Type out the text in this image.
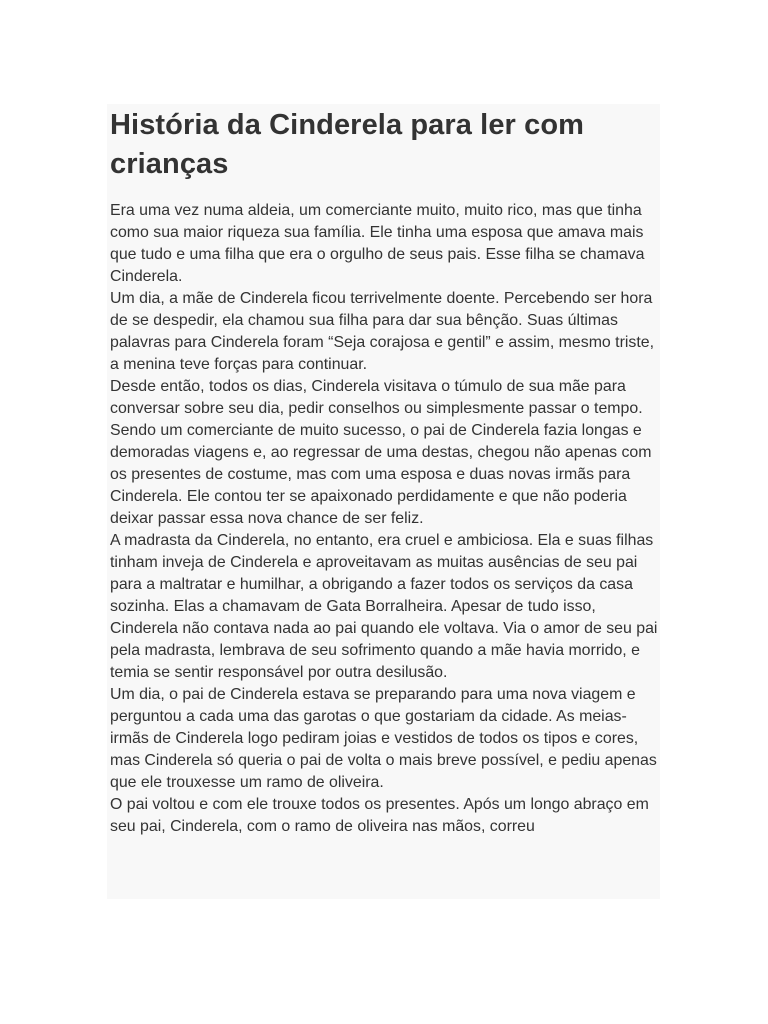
História da Cinderela para ler com crianças

Era uma vez numa aldeia, um comerciante muito, muito rico, mas que tinha como sua maior riqueza sua família. Ele tinha uma esposa que amava mais que tudo e uma filha que era o orgulho de seus pais. Esse filha se chamava Cinderela.

Um dia, a mãe de Cinderela ficou terrivelmente doente. Percebendo ser hora de se despedir, ela chamou sua filha para dar sua bênção. Suas últimas palavras para Cinderela foram “Seja corajosa e gentil” e assim, mesmo triste, a menina teve forças para continuar.

Desde então, todos os dias, Cinderela visitava o túmulo de sua mãe para conversar sobre seu dia, pedir conselhos ou simplesmente passar o tempo.

Sendo um comerciante de muito sucesso, o pai de Cinderela fazia longas e demoradas viagens e, ao regressar de uma destas, chegou não apenas com os presentes de costume, mas com uma esposa e duas novas irmãs para Cinderela. Ele contou ter se apaixonado perdidamente e que não poderia deixar passar essa nova chance de ser feliz.

A madrasta da Cinderela, no entanto, era cruel e ambiciosa. Ela e suas filhas tinham inveja de Cinderela e aproveitavam as muitas ausências de seu pai para a maltratar e humilhar, a obrigando a fazer todos os serviços da casa sozinha. Elas a chamavam de Gata Borralheira. Apesar de tudo isso, Cinderela não contava nada ao pai quando ele voltava. Via o amor de seu pai pela madrasta, lembrava de seu sofrimento quando a mãe havia morrido, e temia se sentir responsável por outra desilusão.

Um dia, o pai de Cinderela estava se preparando para uma nova viagem e perguntou a cada uma das garotas o que gostariam da cidade. As meias-irmãs de Cinderela logo pediram joias e vestidos de todos os tipos e cores, mas Cinderela só queria o pai de volta o mais breve possível, e pediu apenas que ele trouxesse um ramo de oliveira.

O pai voltou e com ele trouxe todos os presentes. Após um longo abraço em seu pai, Cinderela, com o ramo de oliveira nas mãos, correu
